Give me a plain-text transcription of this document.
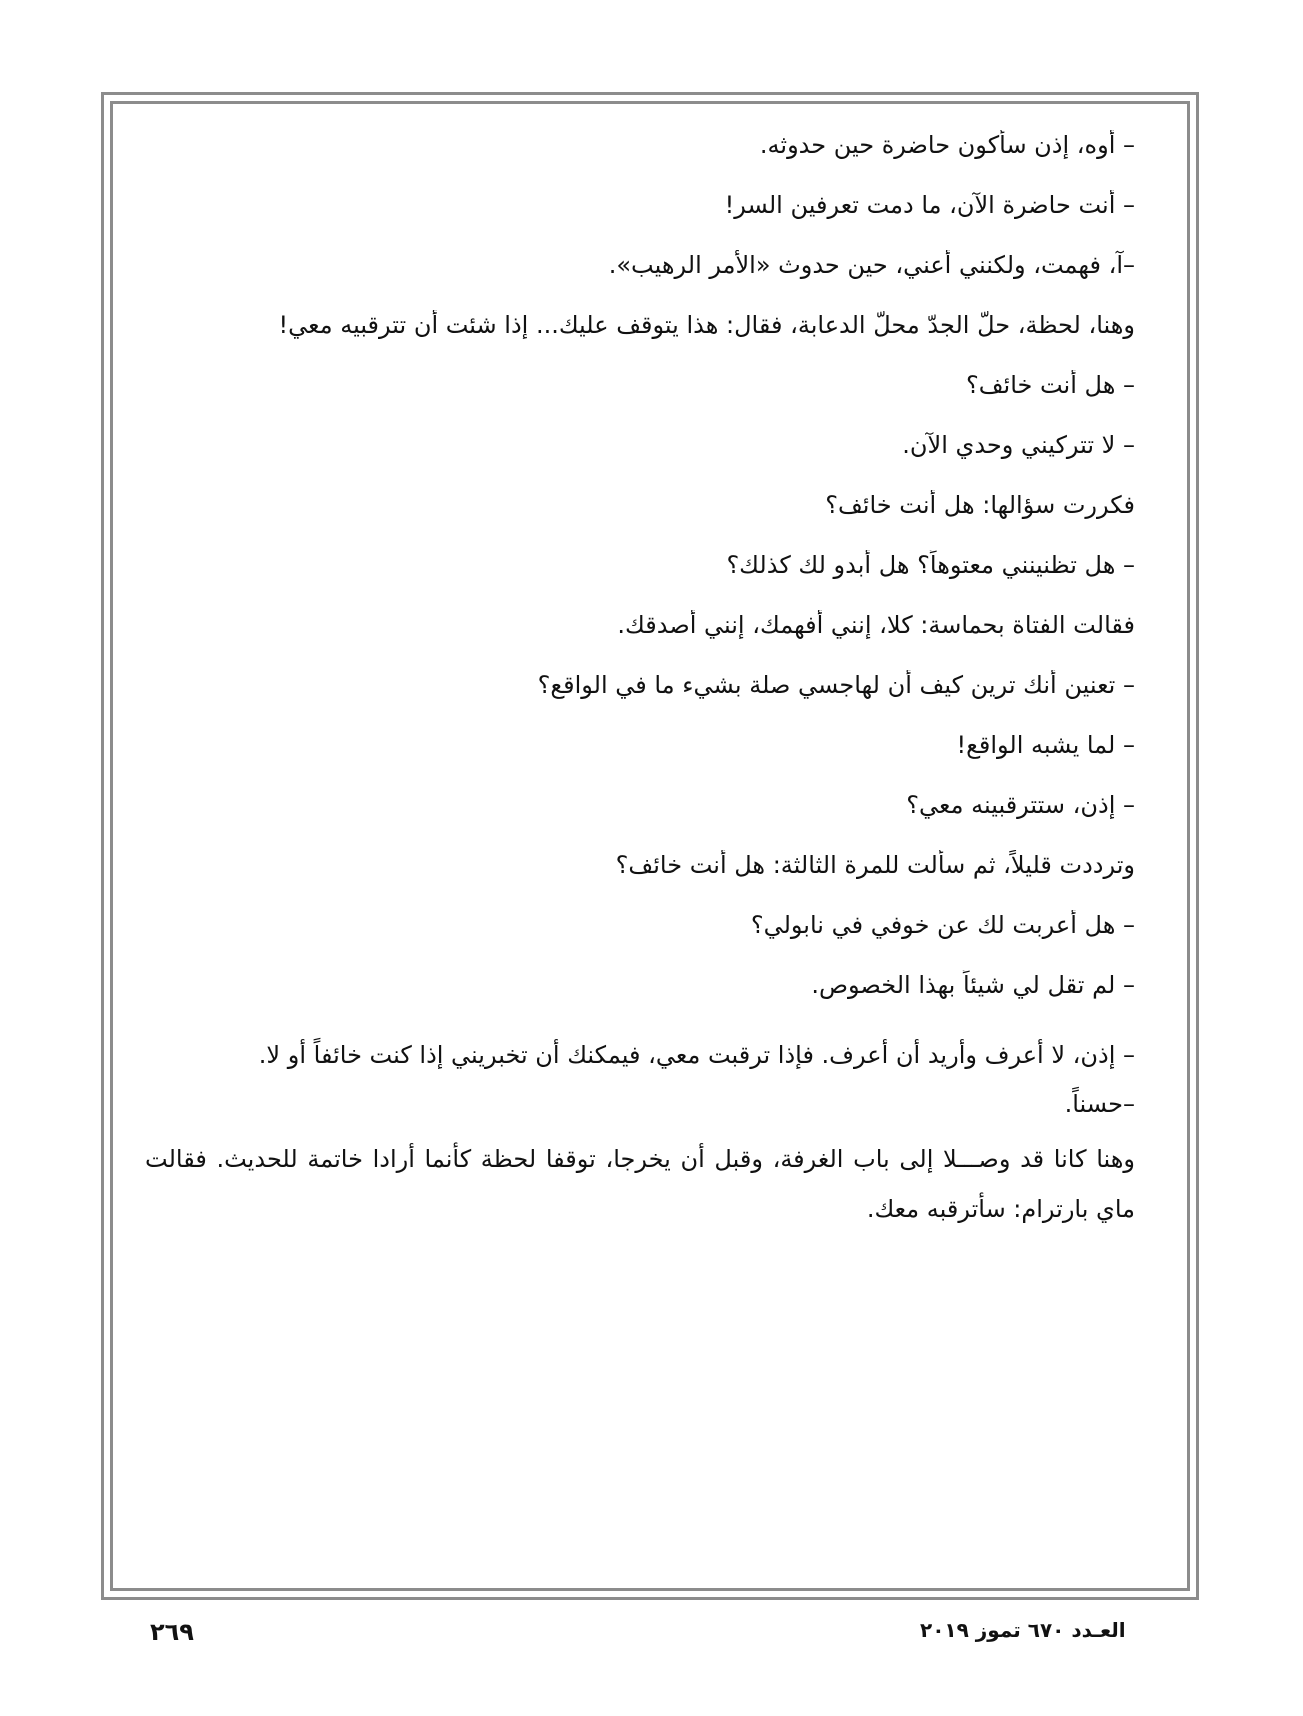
– أوه، إذن سأكون حاضرة حين حدوثه.
– أنت حاضرة الآن، ما دمت تعرفين السر!
–آ، فهمت، ولكنني أعني، حين حدوث «الأمر الرهيب».
وهنا، لحظة، حلّ الجدّ محلّ الدعابة، فقال: هذا يتوقف عليك... إذا شئت أن تترقبيه معي!
– هل أنت خائف؟
– لا تتركيني وحدي الآن.
فكررت سؤالها: هل أنت خائف؟
– هل تظنينني معتوهاً؟ هل أبدو لك كذلك؟
فقالت الفتاة بحماسة: كلا، إنني أفهمك، إنني أصدقك.
– تعنين أنك ترين كيف أن لهاجسي صلة بشيء ما في الواقع؟
– لما يشبه الواقع!
– إذن، ستترقبينه معي؟
وترددت قليلاً، ثم سألت للمرة الثالثة: هل أنت خائف؟
– هل أعربت لك عن خوفي في نابولي؟
– لم تقل لي شيئاً بهذا الخصوص.
– إذن، لا أعرف وأريد أن أعرف. فإذا ترقبت معي، فيمكنك أن تخبريني إذا كنت خائفاً أو لا.
–حسناً.
وهنا كانا قد وصـــلا إلى باب الغرفة، وقبل أن يخرجا، توقفا لحظة كأنما أرادا خاتمة للحديث. فقالت ماي بارترام: سأترقبه معك.
العـدد ٦٧٠ تموز ٢٠١٩
٢٦٩
